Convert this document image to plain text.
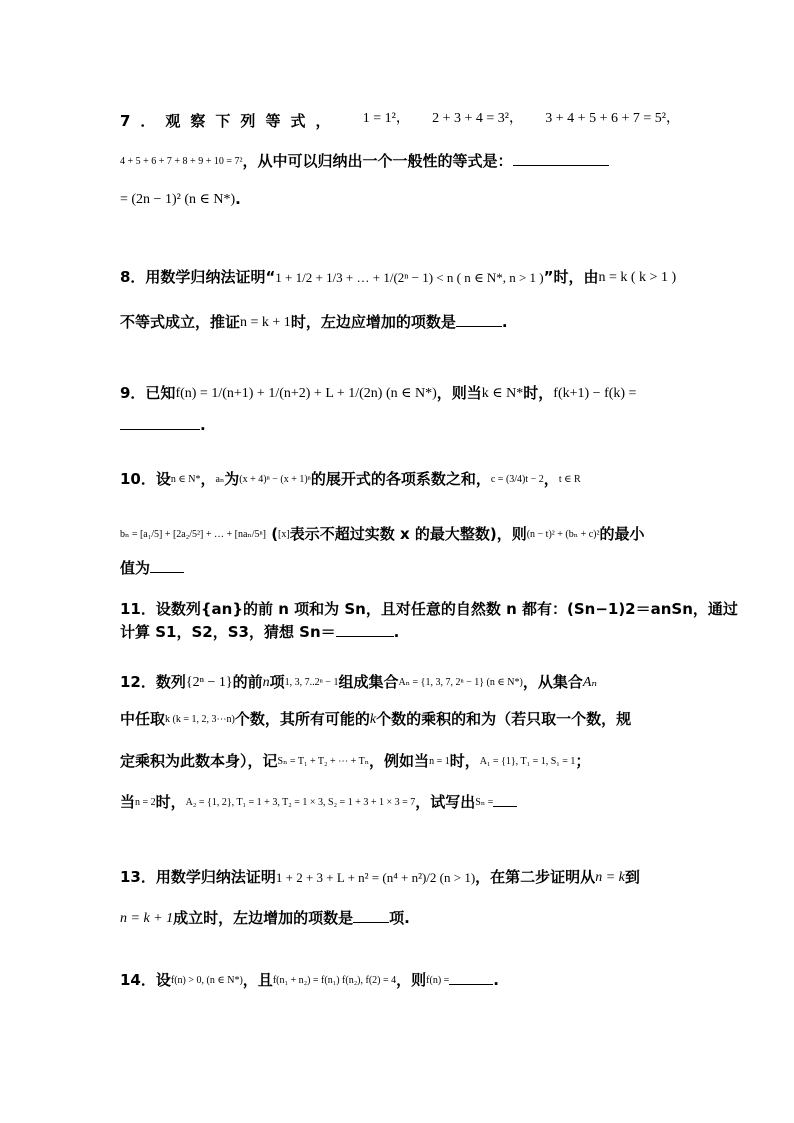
7．观察下列等式， 1 = 1²， 2 + 3 + 4 = 3²， 3 + 4 + 5 + 6 + 7 = 5²，
4 + 5 + 6 + 7 + 8 + 9 + 10 = 7²，从中可以归纳出一个一般性的等式是：
= (2n − 1)² (n ∈ N*).
8．用数学归纳法证明“1 + 1/2 + 1/3 + … + 1/(2ⁿ − 1) < n ( n ∈ N*, n > 1 )”时，由n = k ( k > 1 )
不等式成立，推证n = k + 1时，左边应增加的项数是	.
9．已知f(n) = 1/(n+1) + 1/(n+2) + L + 1/(2n) (n ∈ N*)，则当k ∈ N*时，f(k+1) − f(k) =
.
10．设n ∈ N*，aₙ为(x + 4)ⁿ − (x + 1)ⁿ的展开式的各项系数之和，c = (3/4)t − 2，t ∈ R
bₙ = [a₁/5] + [2a₂/5²] + … + [naₙ/5ⁿ] ([x]表示不超过实数 x 的最大整数)，则(n − t)² + (bₙ + c)²的最小
值为
11．设数列{an}的前 n 项和为 Sn，且对任意的自然数 n 都有：(Sn−1)2＝anSn，通过
计算 S1，S2，S3，猜想 Sn＝	.
12．数列{2ⁿ − 1}的前n项1, 3, 7..2ⁿ − 1组成集合Aₙ = {1, 3, 7, 2ⁿ − 1} (n ∈ N*)，从集合Aₙ
中任取k (k = 1, 2, 3⋯n)个数，其所有可能的k个数的乘积的和为（若只取一个数，规
定乘积为此数本身），记Sₙ = T₁ + T₂ + ⋯ + Tₙ，例如当n = 1时，A₁ = {1}, T₁ = 1, S₁ = 1；
当n = 2时，A₂ = {1, 2}, T₁ = 1 + 3, T₂ = 1 × 3, S₂ = 1 + 3 + 1 × 3 = 7，试写出Sₙ =
13．用数学归纳法证明1 + 2 + 3 + L + n² = (n⁴ + n²)/2 (n > 1)，在第二步证明从n = k到
n = k + 1成立时，左边增加的项数是 项.
14．设f(n) > 0, (n ∈ N*)，且f(n₁ + n₂) = f(n₁) f(n₂), f(2) = 4，则f(n) =	.
